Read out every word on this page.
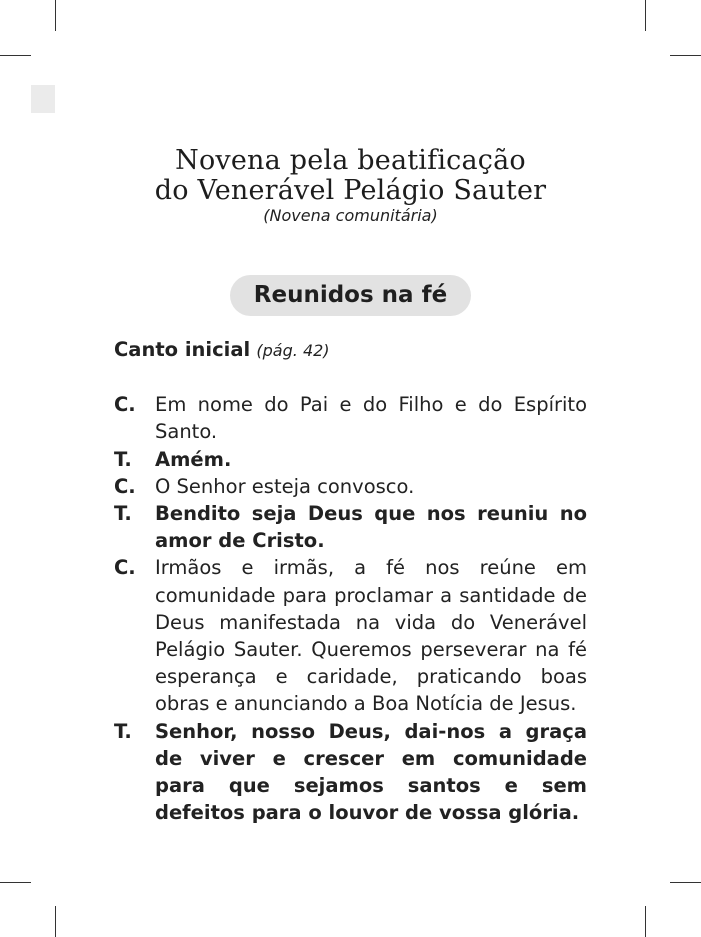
Novena pela beatificação
do Venerável Pelágio Sauter
(Novena comunitária)
Reunidos na fé
Canto inicial (pág. 42)
C. Em nome do Pai e do Filho e do Espírito Santo.
T.	Amém.
C. O Senhor esteja convosco.
T.	Bendito seja Deus que nos reuniu no amor de Cristo.
C. Irmãos e irmãs, a fé nos reúne em comunidade para proclamar a santidade de Deus manifestada na vida do Venerável Pelágio Sauter. Queremos perseverar na fé esperança e caridade, praticando boas obras e anunciando a Boa Notícia de Jesus.
T.	Senhor, nosso Deus, dai-nos a graça de viver e crescer em comunidade para que sejamos santos e sem defeitos para o louvor de vossa glória.
